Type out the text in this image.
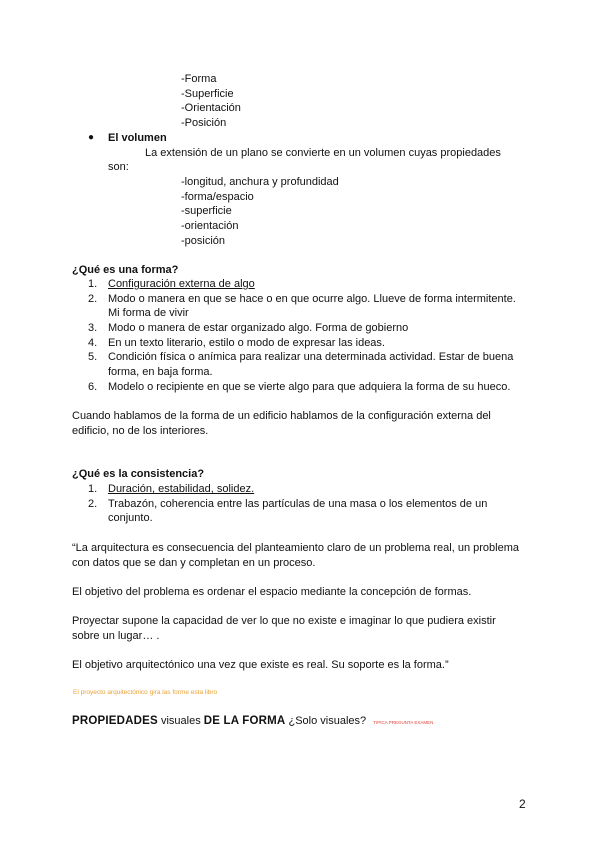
-Forma
-Superficie
-Orientación
-Posición
● El volumen
La extensión de un plano se convierte en un volumen cuyas propiedades
son:
-longitud, anchura y profundidad
-forma/espacio
-superficie
-orientación
-posición
¿Qué es una forma?
1. Configuración externa de algo
2. Modo o manera en que se hace o en que ocurre algo. Llueve de forma intermitente.
Mi forma de vivir
3. Modo o manera de estar organizado algo. Forma de gobierno
4. En un texto literario, estilo o modo de expresar las ideas.
5. Condición física o anímica para realizar una determinada actividad. Estar de buena
forma, en baja forma.
6. Modelo o recipiente en que se vierte algo para que adquiera la forma de su hueco.
Cuando hablamos de la forma de un edificio hablamos de la configuración externa del
edificio, no de los interiores.
¿Qué es la consistencia?
1. Duración, estabilidad, solidez.
2. Trabazón, coherencia entre las partículas de una masa o los elementos de un
conjunto.
“La arquitectura es consecuencia del planteamiento claro de un problema real, un problema
con datos que se dan y completan en un proceso.
El objetivo del problema es ordenar el espacio mediante la concepción de formas.
Proyectar supone la capacidad de ver lo que no existe e imaginar lo que pudiera existir
sobre un lugar… .
El objetivo arquitectónico una vez que existe es real. Su soporte es la forma.”
El proyecto arquitectónico gira las forme esta libro
PROPIEDADES visuales DE LA FORMA ¿Solo visuales? TIPICA PREGUNTA EXAMEN
2
